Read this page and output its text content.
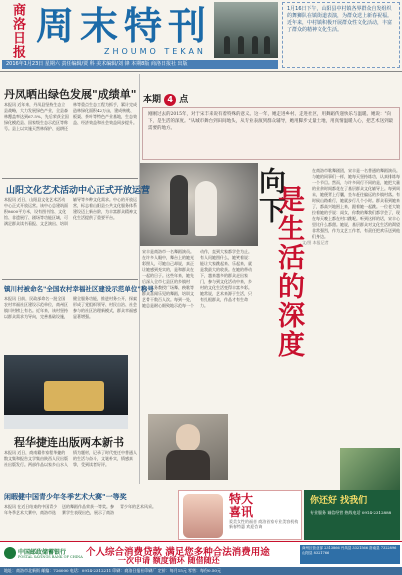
商洛日报 周末特刊
ZHOUMO TEKAN
1月16日下午，山阳县中村镇各界群众自发组织的舞狮队在镇街道表演，为群众送上新春祝福。近年来，中村镇积极开展群众性文化活动，丰富了群众的精神文化生活。
2016年1月23日 星期六 责任编辑/贾 科 美术编辑/刘 锋 本期8版 商洛日报社 出版
丹凤晒出绿色发展"成绩单"

本报讯 近年来，丹凤县坚持生态立县战略，大力发展绿色产业，全县森林覆盖率达到67.5%，先后荣获全国绿化模范县、国家级生态示范区等称号。县上以实施天然林保护、退耕还林等重点生态工程为抓手，累计完成造林绿化面积42万亩，建成核桃、板栗、茶叶等特色产业基地，生态效益、经济效益和社会效益同步提升。

本期 4 点
刚刚过去的2015年，对于宋丰来说有着特殊的意义。这一年，她走进乡村、走进社区，用舞蹈传递快乐与温暖。她说："向下，是生活的深度。"从城市舞台到田间地头，从专业表演到群众辅导，她用脚步丈量土地，用真情温暖人心，把艺术送到最需要的地方。
向
下
是
生
活
的
深
度
文/图 本报记者

宋丰是商洛市一名舞蹈演员。在许多人眼中，舞台上的她光彩照人，可她自己却说，真正让她感到充实的，是和群众在一起的日子。这些年来，她先后深入全市七县区的乡镇村组，义务教授广场舞、秧歌等群众喜闻乐见的舞蹈，培训文艺骨干数百人次。每到一处，她总是耐心细致地示范每一个动作，直到大家都学会为止。有人问她图什么，她笑着说：能让大家跳起来、乐起来，就是我最大的收获。在她的带动下，越来越多的群众走出家门，参与到文化活动中来，乡村的文化生活变得丰富多彩。她常说，艺术来源于生活，只有扎根群众，作品才有生命力。

在商洛市歌舞剧团，宋丰是一名普通的舞蹈演员。与她的同事们一样，她每天坚持练功，认真排练每一个节目。然而，与许多同行不同的是，她把大量的业余时间都花在了基层群众文化辅导上。每到周末，她便背上行囊，坐车赶往偏远的乡镇村落。有时候山路难行，她就步行几个小时。群众看到她来了，都高兴地围上来，跟着她一起跳。一位老大娘拉着她的手说：闺女，你教的舞我们都学会了，现在每天晚上都在村口跳呢。听到这样的话，宋丰心里比什么都甜。她说，基层群众对文化生活的渴望非常强烈，作为文艺工作者，有责任把欢乐送到他们身边。

山阳文化艺术活动中心正式开放运营

本报讯 近日，山阳县文化艺术活动中心正式开放运营。该中心总建筑面积8600平方米，设有图书馆、文化馆、非遗展厅、剧场等功能区域，可满足群众读书看报、文艺演出、培训辅导等多种文化需求。中心的开放运营，标志着山阳县公共文化服务体系建设迈上新台阶，为丰富群众精神文化生活提供了重要平台。

镇川村被命名"全国农村幸福社区建设示范单位"称号

本报讯 日前，民政部命名一批全国农村幸福社区建设示范单位，商州区镇川村榜上有名。近年来，该村坚持以群众需求为导向，完善基础设施，健全服务功能，推进村务公开，探索形成了党组织领导、村民自治、社会参与的社区治理新模式，群众幸福感显著增强。

程华捷连出版两本新书

本报讯 近日，商南籍作家程华捷的散文集和报告文学集由陕西人民出版社出版发行。两部作品以家乡山水人情为题材，记录了时代变迁中普通人的生活与奋斗，文笔朴实，情感真挚，受到读者好评。

闲暇健中国青少年冬季艺术大赛"一等奖

本报讯 在近日结束的中国青少年冬季艺术大赛中，商洛市选送的舞蹈作品荣获一等奖。参赛学生表现出色，展示了商洛青少年的艺术风采。

特大
喜讯
爱美女性的福音 商洛首家专业美容机构 新春特惠 欢迎咨询
你还好 找我们
专业服务 诚信经营 热线电话 0914-2312888
中国邮政储蓄银行
POSTAL SAVINGS BANK OF CHINA 个人综合消费贷款 满足您多种合法消费用途
一次申请 额度循环 随借随还
商州区营业部 2313866 丹凤县 3321566 洛南县 7322896 山阳县 8321766
地址：商洛市北新街 邮编：726000 电话：0914-2312211 印刷：商洛日报社印刷厂 定价：每月15元 零售：每份0.50元
